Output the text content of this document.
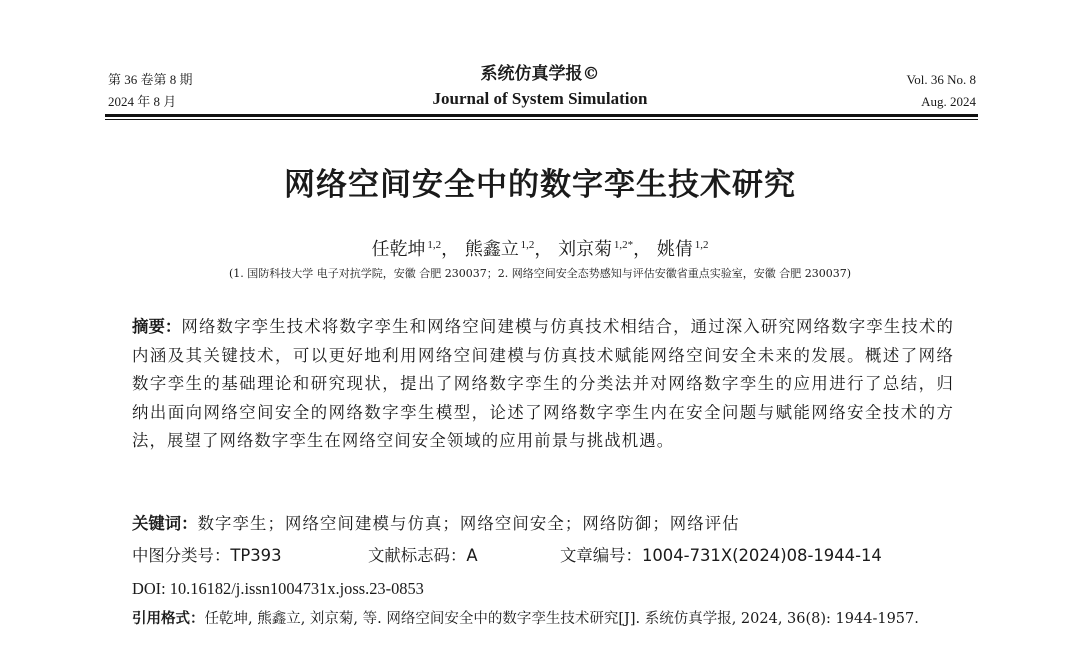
第 36 卷第 8 期
2024 年 8 月
系统仿真学报©
Journal of System Simulation
Vol. 36 No. 8
Aug. 2024
网络空间安全中的数字孪生技术研究
任乾坤  $^{1,2}$， 熊鑫立  $^{1,2}$， 刘京菊  $^{1,2*}$， 姚倩  $^{1,2}$
(1. 国防科技大学 电子对抗学院，安徽 合肥 230037；2. 网络空间安全态势感知与评估安徽省重点实验室，安徽 合肥 230037)

摘要：网络数字孪生技术将数字孪生和网络空间建模与仿真技术相结合，通过深入研究网络数字孪生技术的内涵及其关键技术，可以更好地利用网络空间建模与仿真技术赋能网络空间安全未来的发展。概述了网络数字孪生的基础理论和研究现状，提出了网络数字孪生的分类法并对网络数字孪生的应用进行了总结，归纳出面向网络空间安全的网络数字孪生模型，论述了网络数字孪生内在安全问题与赋能网络安全技术的方法，展望了网络数字孪生在网络空间安全领域的应用前景与挑战机遇。

关键词：数字孪生；网络空间建模与仿真；网络空间安全；网络防御；网络评估
中图分类号：TP393	文献标志码：A	文章编号：1004-731X(2024)08-1944-14
DOI: 10.16182/j.issn1004731x.joss.23-0853
引用格式：任乾坤, 熊鑫立, 刘京菊, 等. 网络空间安全中的数字孪生技术研究[J]. 系统仿真学报, 2024, 36(8): 1944-1957.
